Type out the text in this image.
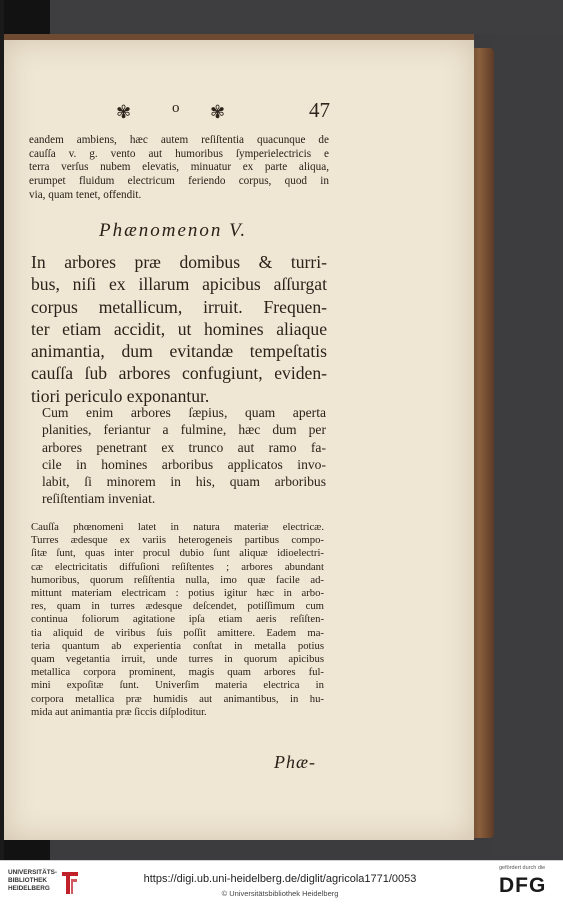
✾	o ✾	47
eandem ambiens, hæc autem reſiſtentia quacunque de
cauſſa v. g. vento aut humoribus ſymperielectricis e
terra verſus nubem elevatis, minuatur ex parte aliqua,
erumpet fluidum electricum feriendo corpus, quod in
via, quam tenet, offendit.
Phænomenon V.
In arbores præ domibus & turri-
bus, niſi ex illarum apicibus aſſurgat
corpus metallicum, irruit. Frequen-
ter etiam accidit, ut homines aliaque
animantia, dum evitandæ tempeſtatis
cauſſa ſub arbores confugiunt, eviden-
tiori periculo exponantur.
Cum enim arbores ſæpius, quam aperta
planities, feriantur a fulmine, hæc dum per
arbores penetrant ex trunco aut ramo fa-
cile in homines arboribus applicatos invo-
labit, ſi minorem in his, quam arboribus
reſiſtentiam inveniat.
Cauſſa phœnomeni latet in natura materiæ electricæ.
Turres ædesque ex variis heterogeneis partibus compo-
ſitæ ſunt, quas inter procul dubio ſunt aliquæ idioelectri-
cæ electricitatis diffuſioni reſiſtentes ; arbores abundant
humoribus, quorum reſiſtentia nulla, imo quæ facile ad-
mittunt materiam electricam : potius igitur hæc in arbo-
res, quam in turres ædesque deſcendet, potiſſimum cum
continua foliorum agitatione ipſa etiam aeris reſiſten-
tia aliquid de viribus ſuis poſſit amittere. Eadem ma-
teria quantum ab experientia conſtat in metalla potius
quam vegetantia irruit, unde turres in quorum apicibus
metallica corpora prominent, magis quam arbores ful-
mini expoſitæ ſunt. Univerſim materia electrica in
corpora metallica præ humidis aut animantibus, in hu-
mida aut animantia præ ſiccis diſploditur.
Phæ-
UNIVERSITÄTS-
BIBLIOTHEK
HEIDELBERG
https://digi.ub.uni-heidelberg.de/diglit/agricola1771/0053
© Universitätsbibliothek Heidelberg
gefördert durch die
DFG
